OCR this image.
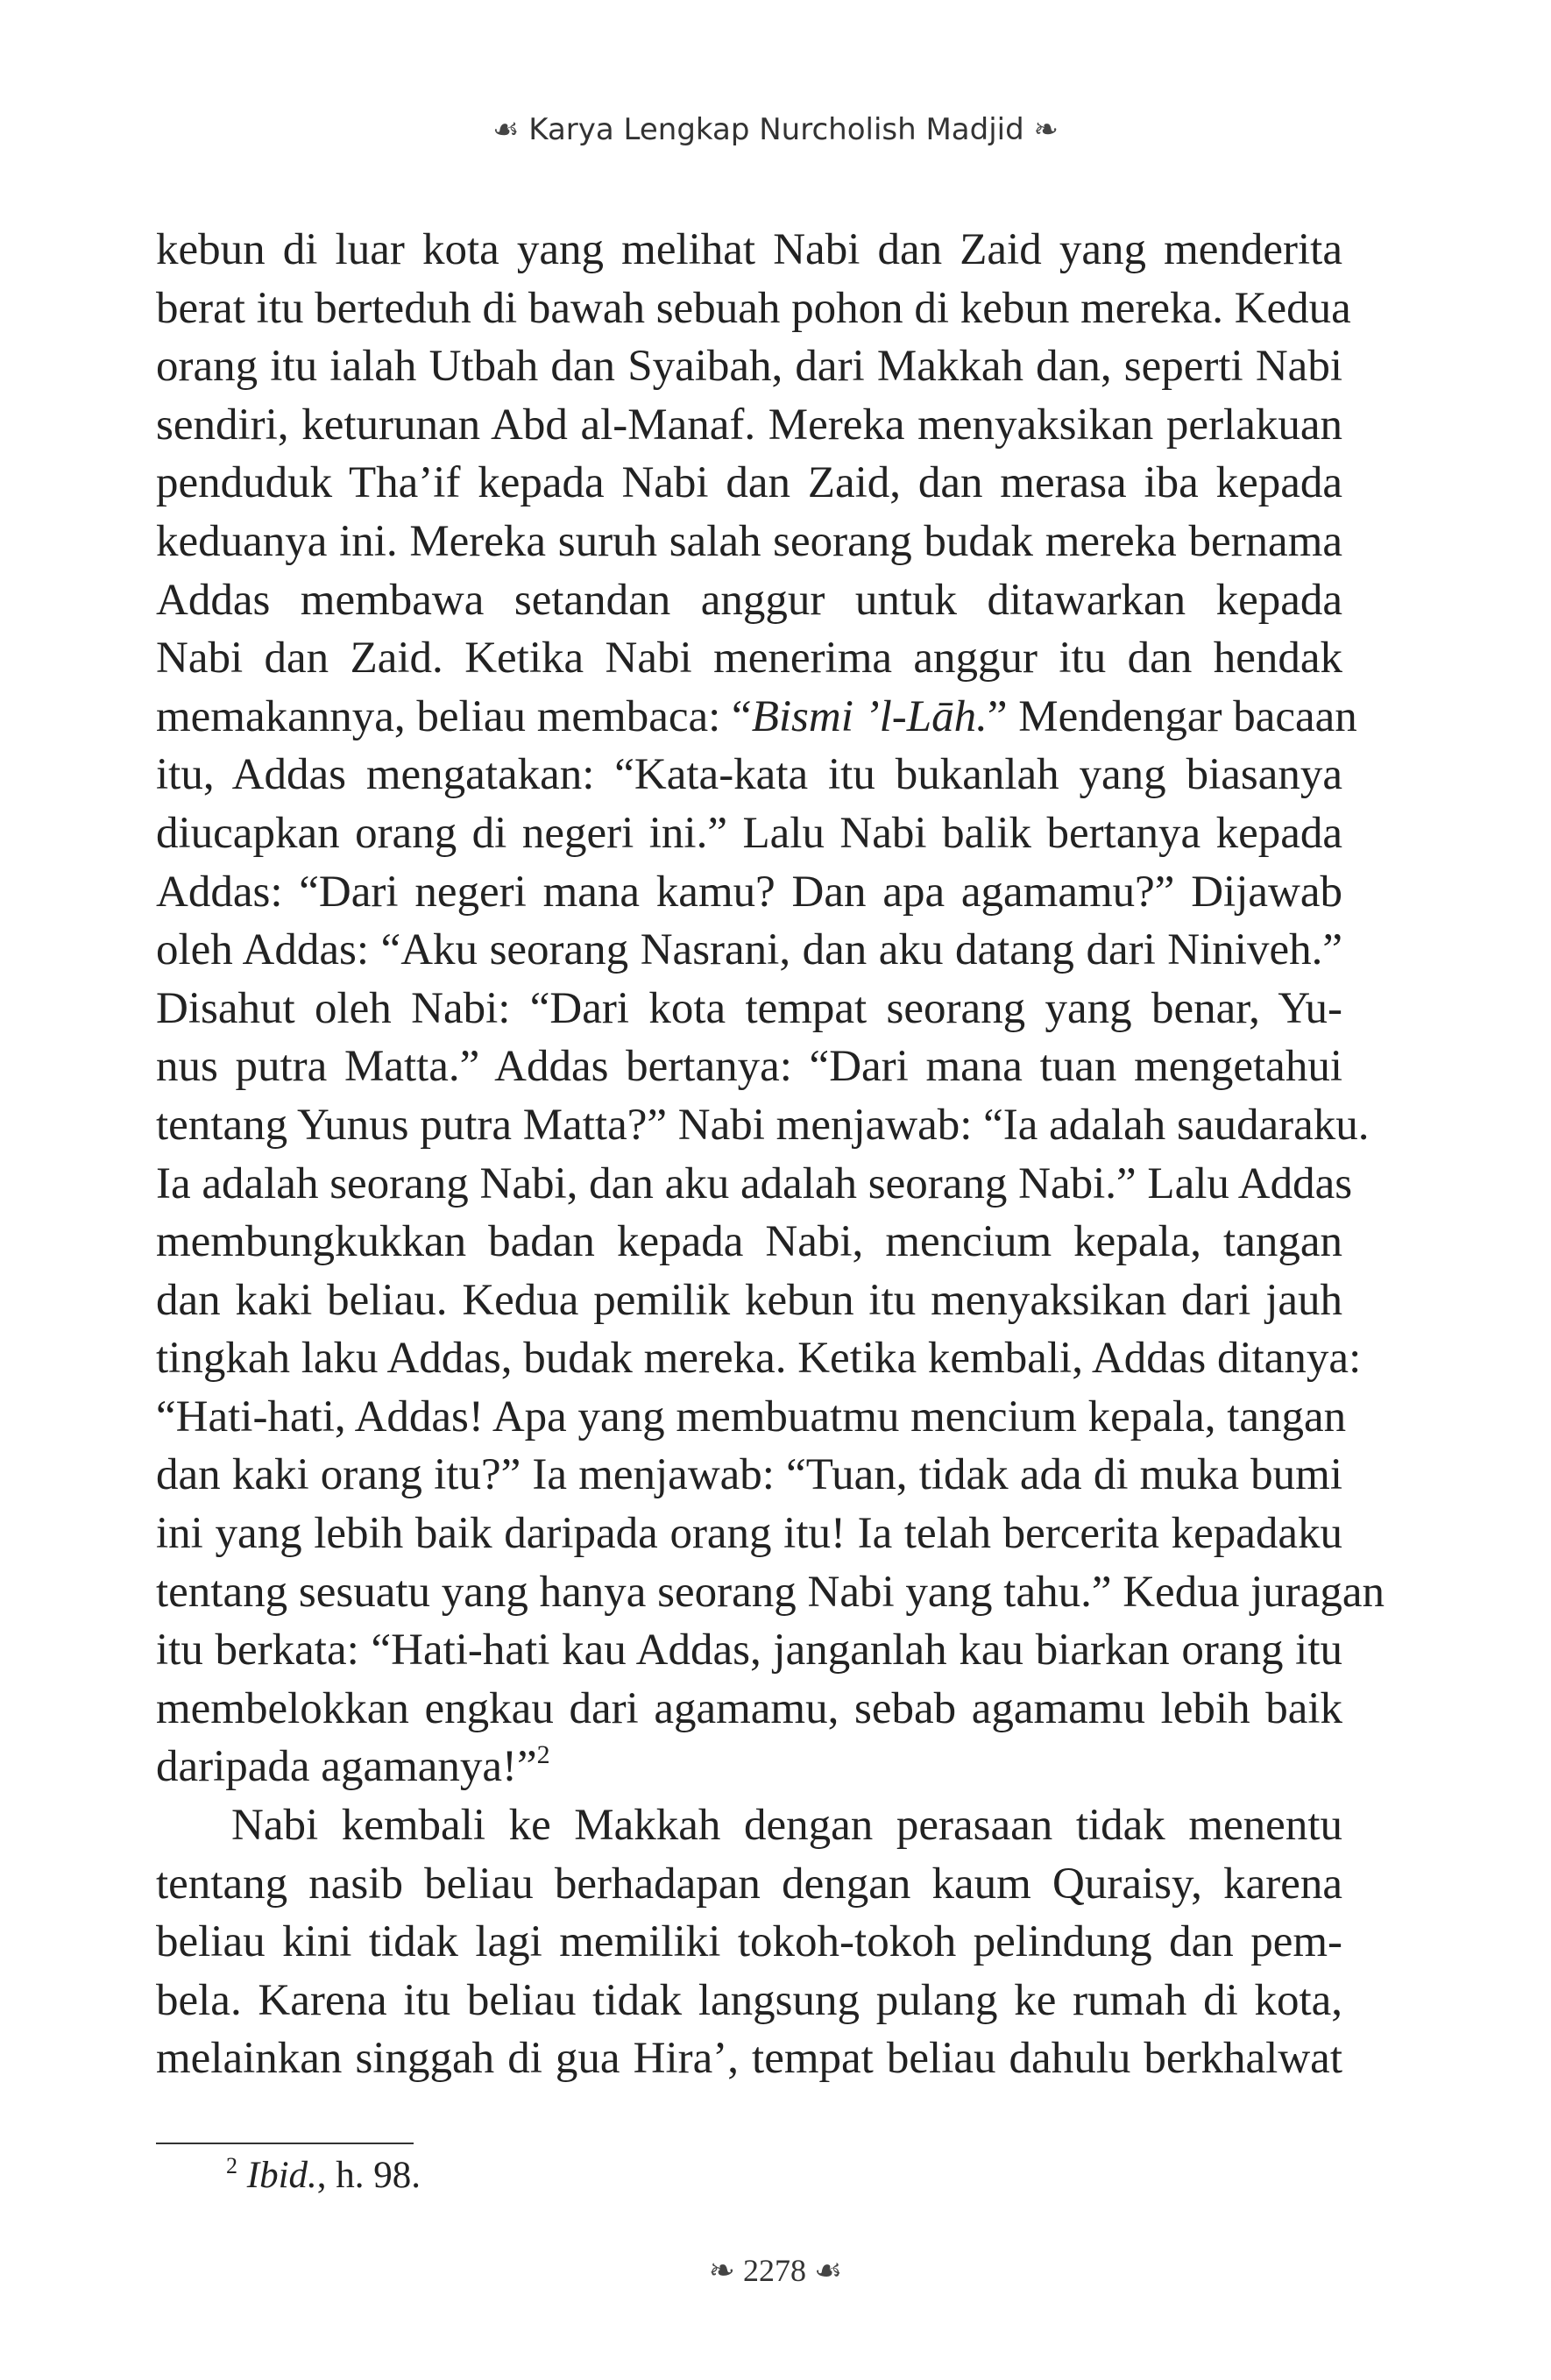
☙ Karya Lengkap Nurcholish Madjid ❧
kebun di luar kota yang melihat Nabi dan Zaid yang menderita
berat itu berteduh di bawah sebuah pohon di kebun mereka. Kedua
orang itu ialah Utbah dan Syaibah, dari Makkah dan, seperti Nabi
sendiri, keturunan Abd al-Manaf. Mereka menyaksikan perlakuan
penduduk Tha’if kepada Nabi dan Zaid, dan merasa iba kepada
keduanya ini. Mereka suruh salah seorang budak mereka bernama
Addas membawa setandan anggur untuk ditawarkan kepada
Nabi dan Zaid. Ketika Nabi menerima anggur itu dan hendak
memakannya, beliau membaca: “Bismi ’l-Lāh.” Mendengar bacaan
itu, Addas mengatakan: “Kata-kata itu bukanlah yang biasanya
diucapkan orang di negeri ini.” Lalu Nabi balik bertanya kepada
Addas: “Dari negeri mana kamu? Dan apa agamamu?” Dijawab
oleh Addas: “Aku seorang Nasrani, dan aku datang dari Niniveh.”
Disahut oleh Nabi: “Dari kota tempat seorang yang benar, Yu-
nus putra Matta.” Addas bertanya: “Dari mana tuan mengetahui
tentang Yunus putra Matta?” Nabi menjawab: “Ia adalah saudaraku.
Ia adalah seorang Nabi, dan aku adalah seorang Nabi.” Lalu Addas
membungkukkan badan kepada Nabi, mencium kepala, tangan
dan kaki beliau. Kedua pemilik kebun itu menyaksikan dari jauh
tingkah laku Addas, budak mereka. Ketika kembali, Addas ditanya:
“Hati-hati, Addas! Apa yang membuatmu mencium kepala, tangan
dan kaki orang itu?” Ia menjawab: “Tuan, tidak ada di muka bumi
ini yang lebih baik daripada orang itu! Ia telah bercerita kepadaku
tentang sesuatu yang hanya seorang Nabi yang tahu.” Kedua juragan
itu berkata: “Hati-hati kau Addas, janganlah kau biarkan orang itu
membelokkan engkau dari agamamu, sebab agamamu lebih baik
daripada agamanya!”$^2$
Nabi kembali ke Makkah dengan perasaan tidak menentu
tentang nasib beliau berhadapan dengan kaum Quraisy, karena
beliau kini tidak lagi memiliki tokoh-tokoh pelindung dan pem-
bela. Karena itu beliau tidak langsung pulang ke rumah di kota,
melainkan singgah di gua Hira’, tempat beliau dahulu berkhalwat
$^2$ Ibid., h. 98.
❧ 2278 ☙
